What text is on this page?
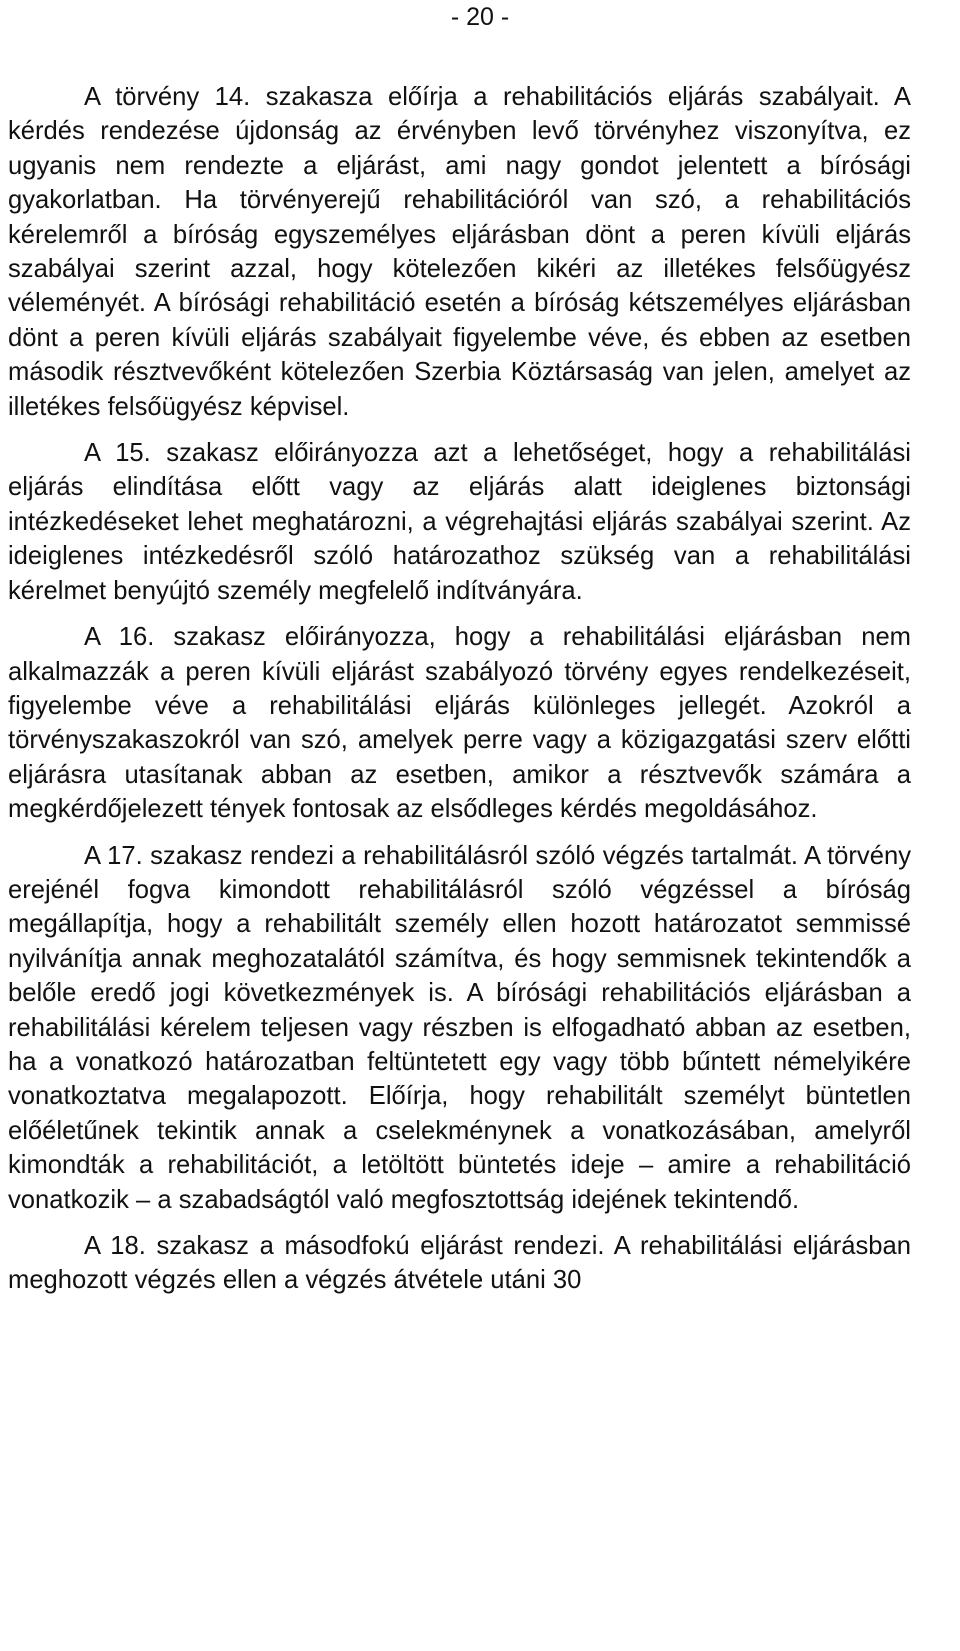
- 20 -

A törvény 14. szakasza előírja a rehabilitációs eljárás szabályait. A kérdés rendezése újdonság az érvényben levő törvényhez viszonyítva, ez ugyanis nem rendezte a eljárást, ami nagy gondot jelentett a bírósági gyakorlatban. Ha törvényerejű rehabilitációról van szó, a rehabilitációs kérelemről a bíróság egyszemélyes eljárásban dönt a peren kívüli eljárás szabályai szerint azzal, hogy kötelezően kikéri az illetékes felsőügyész véleményét. A bírósági rehabilitáció esetén a bíróság kétszemélyes eljárásban dönt a peren kívüli eljárás szabályait figyelembe véve, és ebben az esetben második résztvevőként kötelezően Szerbia Köztársaság van jelen, amelyet az illetékes felsőügyész képvisel.

A 15. szakasz előirányozza azt a lehetőséget, hogy a rehabilitálási eljárás elindítása előtt vagy az eljárás alatt ideiglenes biztonsági intézkedéseket lehet meghatározni, a végrehajtási eljárás szabályai szerint. Az ideiglenes intézkedésről szóló határozathoz szükség van a rehabilitálási kérelmet benyújtó személy megfelelő indítványára.

A 16. szakasz előirányozza, hogy a rehabilitálási eljárásban nem alkalmazzák a peren kívüli eljárást szabályozó törvény egyes rendelkezéseit, figyelembe véve a rehabilitálási eljárás különleges jellegét. Azokról a törvényszakaszokról van szó, amelyek perre vagy a közigazgatási szerv előtti eljárásra utasítanak abban az esetben, amikor a résztvevők számára a megkérdőjelezett tények fontosak az elsődleges kérdés megoldásához.

A 17. szakasz rendezi a rehabilitálásról szóló végzés tartalmát. A törvény erejénél fogva kimondott rehabilitálásról szóló végzéssel a bíróság megállapítja, hogy a rehabilitált személy ellen hozott határozatot semmissé nyilvánítja annak meghozatalától számítva, és hogy semmisnek tekintendők a belőle eredő jogi következmények is. A bírósági rehabilitációs eljárásban a rehabilitálási kérelem teljesen vagy részben is elfogadható abban az esetben, ha a vonatkozó határozatban feltüntetett egy vagy több bűntett némelyikére vonatkoztatva megalapozott. Előírja, hogy rehabilitált személyt büntetlen előéletűnek tekintik annak a cselekménynek a vonatkozásában, amelyről kimondták a rehabilitációt, a letöltött büntetés ideje – amire a rehabilitáció vonatkozik – a szabadságtól való megfosztottság idejének tekintendő.

A 18. szakasz a másodfokú eljárást rendezi. A rehabilitálási eljárásban meghozott végzés ellen a végzés átvétele utáni 30
